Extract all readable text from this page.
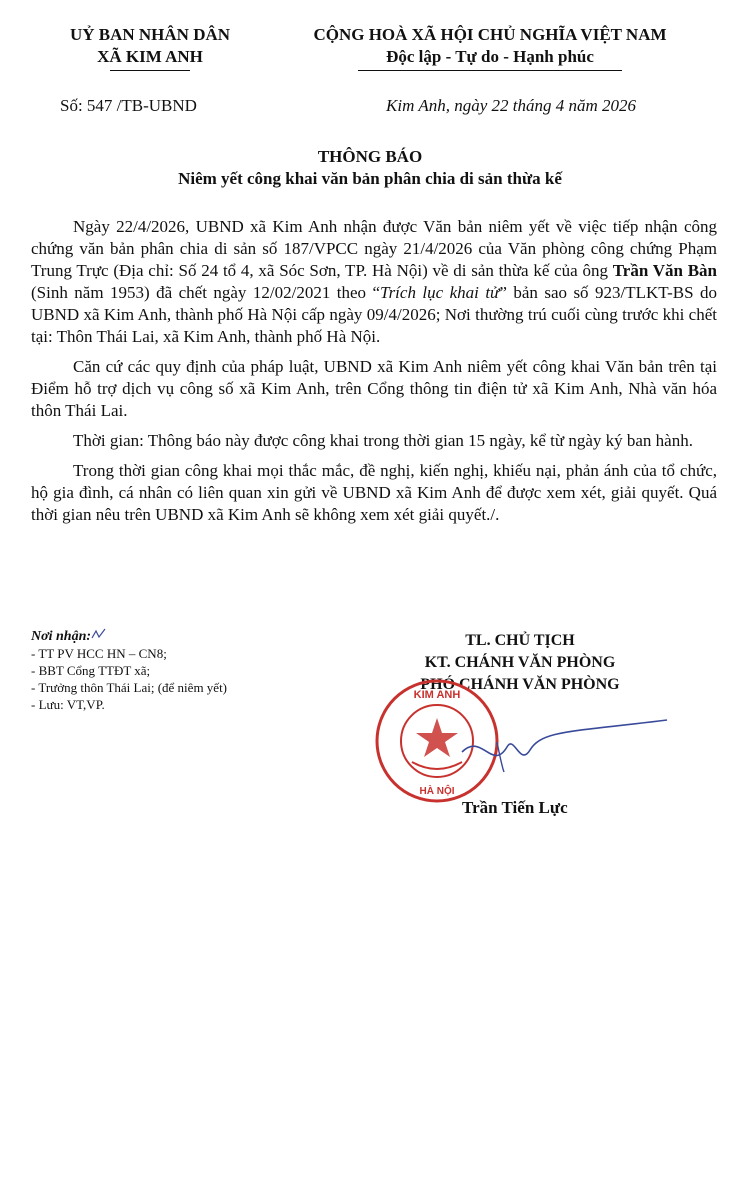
UỶ BAN NHÂN DÂN
XÃ KIM ANH
CỘNG HOÀ XÃ HỘI CHỦ NGHĨA VIỆT NAM
Độc lập - Tự do - Hạnh phúc
Số: 547 /TB-UBND	Kim Anh, ngày 22 tháng 4 năm 2026
THÔNG BÁO
Niêm yết công khai văn bản phân chia di sản thừa kế

Ngày 22/4/2026, UBND xã Kim Anh nhận được Văn bản niêm yết về việc tiếp nhận công chứng văn bản phân chia di sản số 187/VPCC ngày 21/4/2026 của Văn phòng công chứng Phạm Trung Trực (Địa chỉ: Số 24 tổ 4, xã Sóc Sơn, TP. Hà Nội) về di sản thừa kế của ông Trần Văn Bàn (Sinh năm 1953) đã chết ngày 12/02/2021 theo “Trích lục khai tử” bản sao số 923/TLKT-BS do UBND xã Kim Anh, thành phố Hà Nội cấp ngày 09/4/2026; Nơi thường trú cuối cùng trước khi chết tại: Thôn Thái Lai, xã Kim Anh, thành phố Hà Nội.

Căn cứ các quy định của pháp luật, UBND xã Kim Anh niêm yết công khai Văn bản trên tại Điểm hỗ trợ dịch vụ công số xã Kim Anh, trên Cổng thông tin điện tử xã Kim Anh, Nhà văn hóa thôn Thái Lai.

Thời gian: Thông báo này được công khai trong thời gian 15 ngày, kể từ ngày ký ban hành.

Trong thời gian công khai mọi thắc mắc, đề nghị, kiến nghị, khiếu nại, phản ánh của tổ chức, hộ gia đình, cá nhân có liên quan xin gửi về UBND xã Kim Anh để được xem xét, giải quyết. Quá thời gian nêu trên UBND xã Kim Anh sẽ không xem xét giải quyết./.

Nơi nhận:
- TT PV HCC HN – CN8;
- BBT Cổng TTĐT xã;
- Trưởng thôn Thái Lai; (để niêm yết)
- Lưu: VT,VP.
TL. CHỦ TỊCH
KT. CHÁNH VĂN PHÒNG
PHÓ CHÁNH VĂN PHÒNG
KIM ANH
HÀ NỘI
Trần Tiến Lực
